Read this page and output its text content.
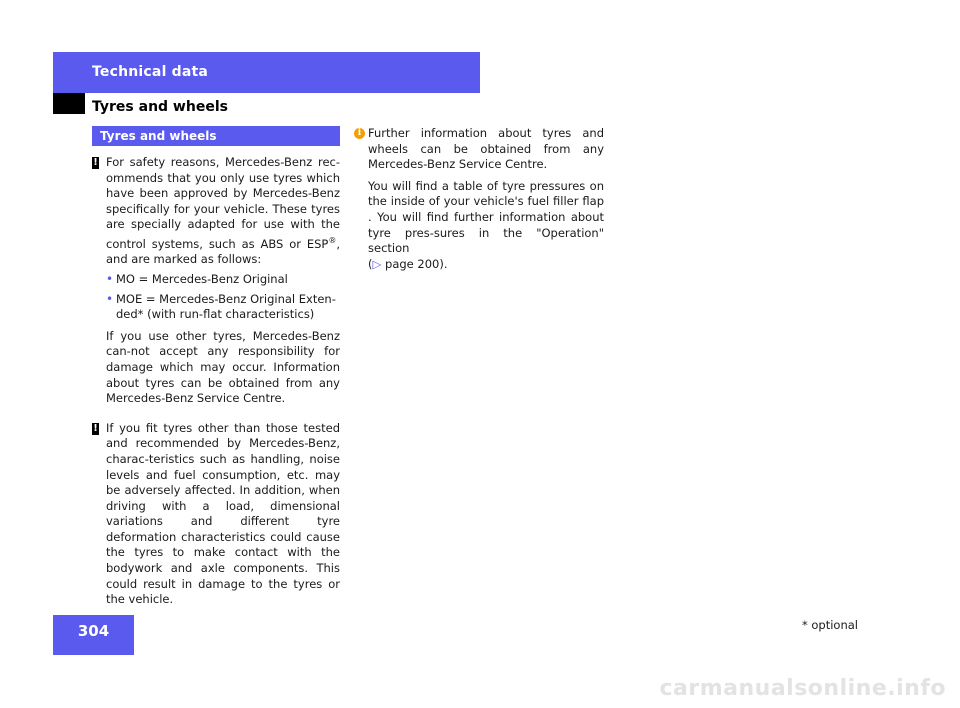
Technical data
Tyres and wheels
Tyres and wheels
! For safety reasons, Mercedes-Benz rec-ommends that you only use tyres which have been approved by Mercedes-Benz specifically for your vehicle. These tyres are specially adapted for use with the control systems, such as ABS or ESP®, and are marked as follows:
• MO = Mercedes-Benz Original
• MOE = Mercedes-Benz Original Exten-ded* (with run-flat characteristics)
If you use other tyres, Mercedes-Benz can-not accept any responsibility for damage which may occur. Information about tyres can be obtained from any Mercedes-Benz Service Centre.
! If you fit tyres other than those tested and recommended by Mercedes-Benz, charac-teristics such as handling, noise levels and fuel consumption, etc. may be adversely affected. In addition, when driving with a load, dimensional variations and different tyre deformation characteristics could cause the tyres to make contact with the bodywork and axle components. This could result in damage to the tyres or the vehicle.
i Further information about tyres and wheels can be obtained from any Mercedes-Benz Service Centre.
You will find a table of tyre pressures on the inside of your vehicle's fuel filler flap . You will find further information about tyre pres-sures in the "Operation" section
(▷ page 200).
304	* optional
carmanualsonline.info
